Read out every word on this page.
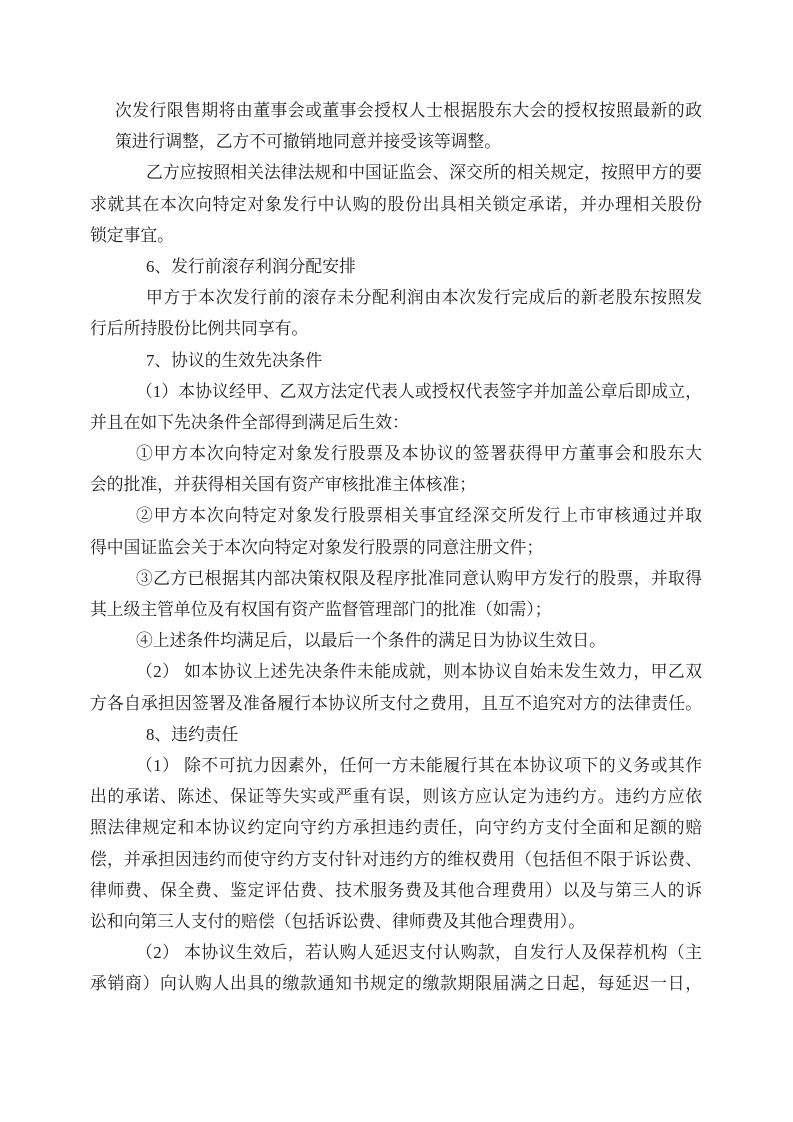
次发行限售期将由董事会或董事会授权人士根据股东大会的授权按照最新的政
策进行调整，乙方不可撤销地同意并接受该等调整。
乙方应按照相关法律法规和中国证监会、深交所的相关规定，按照甲方的要
求就其在本次向特定对象发行中认购的股份出具相关锁定承诺，并办理相关股份
锁定事宜。
6、发行前滚存利润分配安排
甲方于本次发行前的滚存未分配利润由本次发行完成后的新老股东按照发
行后所持股份比例共同享有。
7、协议的生效先决条件
（1）本协议经甲、乙双方法定代表人或授权代表签字并加盖公章后即成立，
并且在如下先决条件全部得到满足后生效：
①甲方本次向特定对象发行股票及本协议的签署获得甲方董事会和股东大
会的批准，并获得相关国有资产审核批准主体核准；
②甲方本次向特定对象发行股票相关事宜经深交所发行上市审核通过并取
得中国证监会关于本次向特定对象发行股票的同意注册文件；
③乙方已根据其内部决策权限及程序批准同意认购甲方发行的股票，并取得
其上级主管单位及有权国有资产监督管理部门的批准（如需）；
④上述条件均满足后，以最后一个条件的满足日为协议生效日。
（2） 如本协议上述先决条件未能成就，则本协议自始未发生效力，甲乙双
方各自承担因签署及准备履行本协议所支付之费用，且互不追究对方的法律责任。
8、违约责任
（1） 除不可抗力因素外，任何一方未能履行其在本协议项下的义务或其作
出的承诺、陈述、保证等失实或严重有误，则该方应认定为违约方。违约方应依
照法律规定和本协议约定向守约方承担违约责任，向守约方支付全面和足额的赔
偿，并承担因违约而使守约方支付针对违约方的维权费用（包括但不限于诉讼费、
律师费、保全费、鉴定评估费、技术服务费及其他合理费用）以及与第三人的诉
讼和向第三人支付的赔偿（包括诉讼费、律师费及其他合理费用）。
（2） 本协议生效后，若认购人延迟支付认购款，自发行人及保荐机构（主
承销商）向认购人出具的缴款通知书规定的缴款期限届满之日起，每延迟一日，
